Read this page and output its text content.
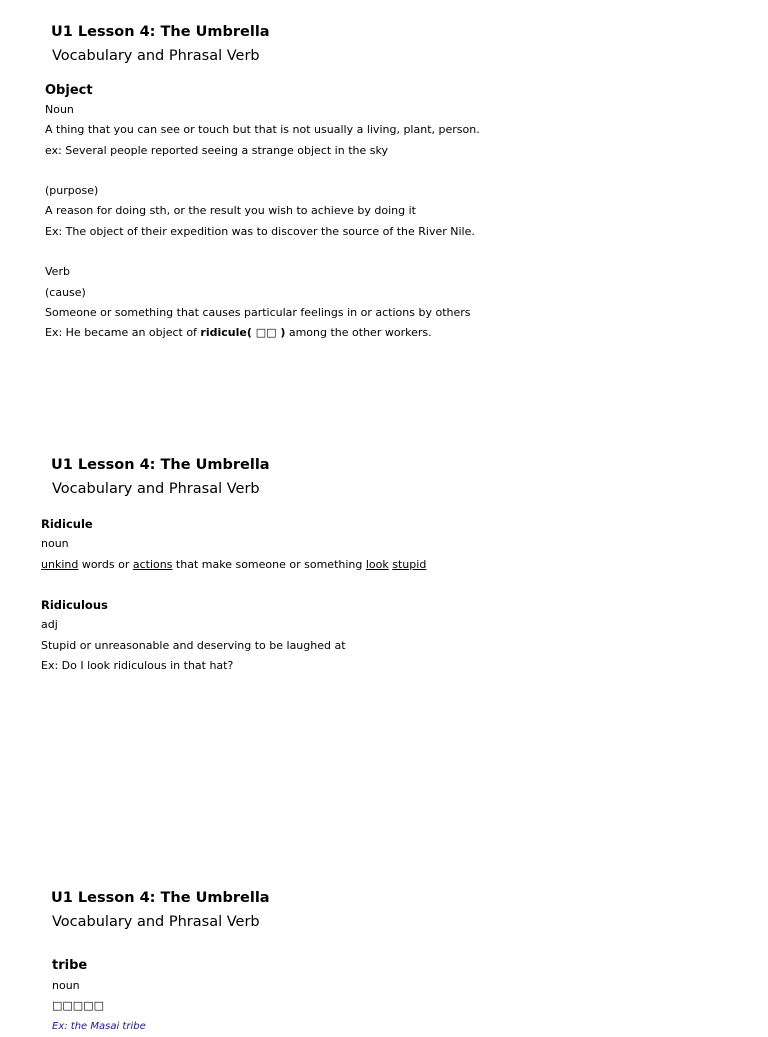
U1 Lesson 4: The Umbrella
Vocabulary and Phrasal Verb
Object
Noun
A thing that you can see or touch but that is not usually a living, plant, person.
ex: Several people reported seeing a strange object in the sky
(purpose)
A reason for doing sth, or the result you wish to achieve by doing it
Ex: The object of their expedition was to discover the source of the River Nile.
Verb
(cause)
Someone or something that causes particular feelings in or actions by others
Ex: He became an object of ridicule( □□ ) among the other workers.
U1 Lesson 4: The Umbrella
Vocabulary and Phrasal Verb
Ridicule
noun
unkind words or actions that make someone or something look stupid
Ridiculous
adj
Stupid or unreasonable and deserving to be laughed at
Ex: Do I look ridiculous in that hat?
U1 Lesson 4: The Umbrella
Vocabulary and Phrasal Verb
tribe
noun
□□□□□
Ex: the Masai tribe
